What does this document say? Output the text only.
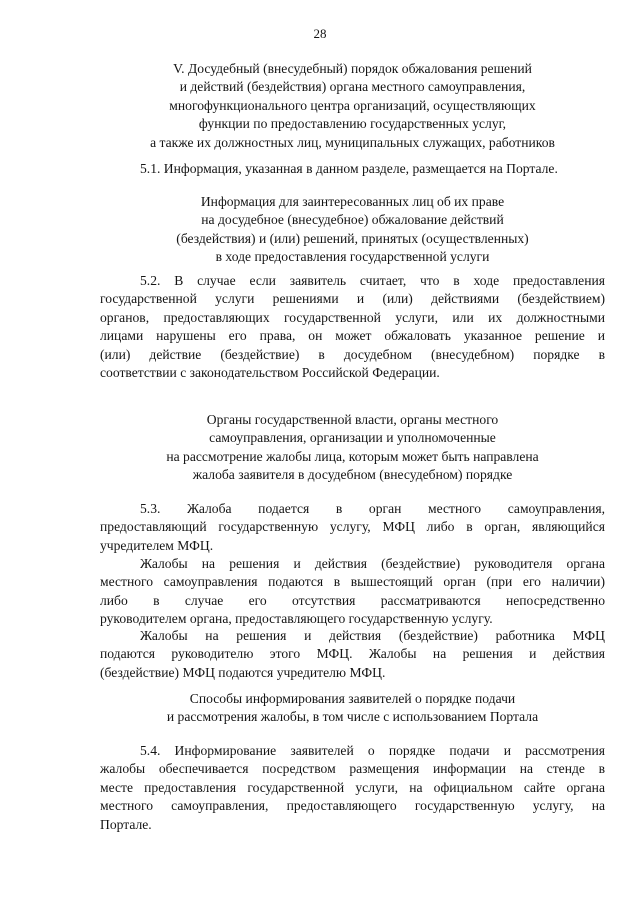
28
V. Досудебный (внесудебный) порядок обжалования решений
и действий (бездействия) органа местного самоуправления,
многофункционального центра организаций, осуществляющих
функции по предоставлению государственных услуг,
а также их должностных лиц, муниципальных служащих, работников
5.1. Информация, указанная в данном разделе, размещается на Портале.
Информация для заинтересованных лиц об их праве
на досудебное (внесудебное) обжалование действий
(бездействия) и (или) решений, принятых (осуществленных)
в ходе предоставления государственной услуги
5.2. В случае если заявитель считает, что в ходе предоставления
государственной услуги решениями и (или) действиями (бездействием)
органов, предоставляющих государственной услуги, или их должностными
лицами нарушены его права, он может обжаловать указанное решение и
(или) действие (бездействие) в досудебном (внесудебном) порядке в
соответствии с законодательством Российской Федерации.
Органы государственной власти, органы местного
самоуправления, организации и уполномоченные
на рассмотрение жалобы лица, которым может быть направлена
жалоба заявителя в досудебном (внесудебном) порядке
5.3. Жалоба подается в орган местного самоуправления,
предоставляющий государственную услугу, МФЦ либо в орган, являющийся
учредителем МФЦ.
Жалобы на решения и действия (бездействие) руководителя органа
местного самоуправления подаются в вышестоящий орган (при его наличии)
либо в случае его отсутствия рассматриваются непосредственно
руководителем органа, предоставляющего государственную услугу.
Жалобы на решения и действия (бездействие) работника МФЦ
подаются руководителю этого МФЦ. Жалобы на решения и действия
(бездействие) МФЦ подаются учредителю МФЦ.
Способы информирования заявителей о порядке подачи
и рассмотрения жалобы, в том числе с использованием Портала
5.4. Информирование заявителей о порядке подачи и рассмотрения
жалобы обеспечивается посредством размещения информации на стенде в
месте предоставления государственной услуги, на официальном сайте органа
местного самоуправления, предоставляющего государственную услугу, на
Портале.
